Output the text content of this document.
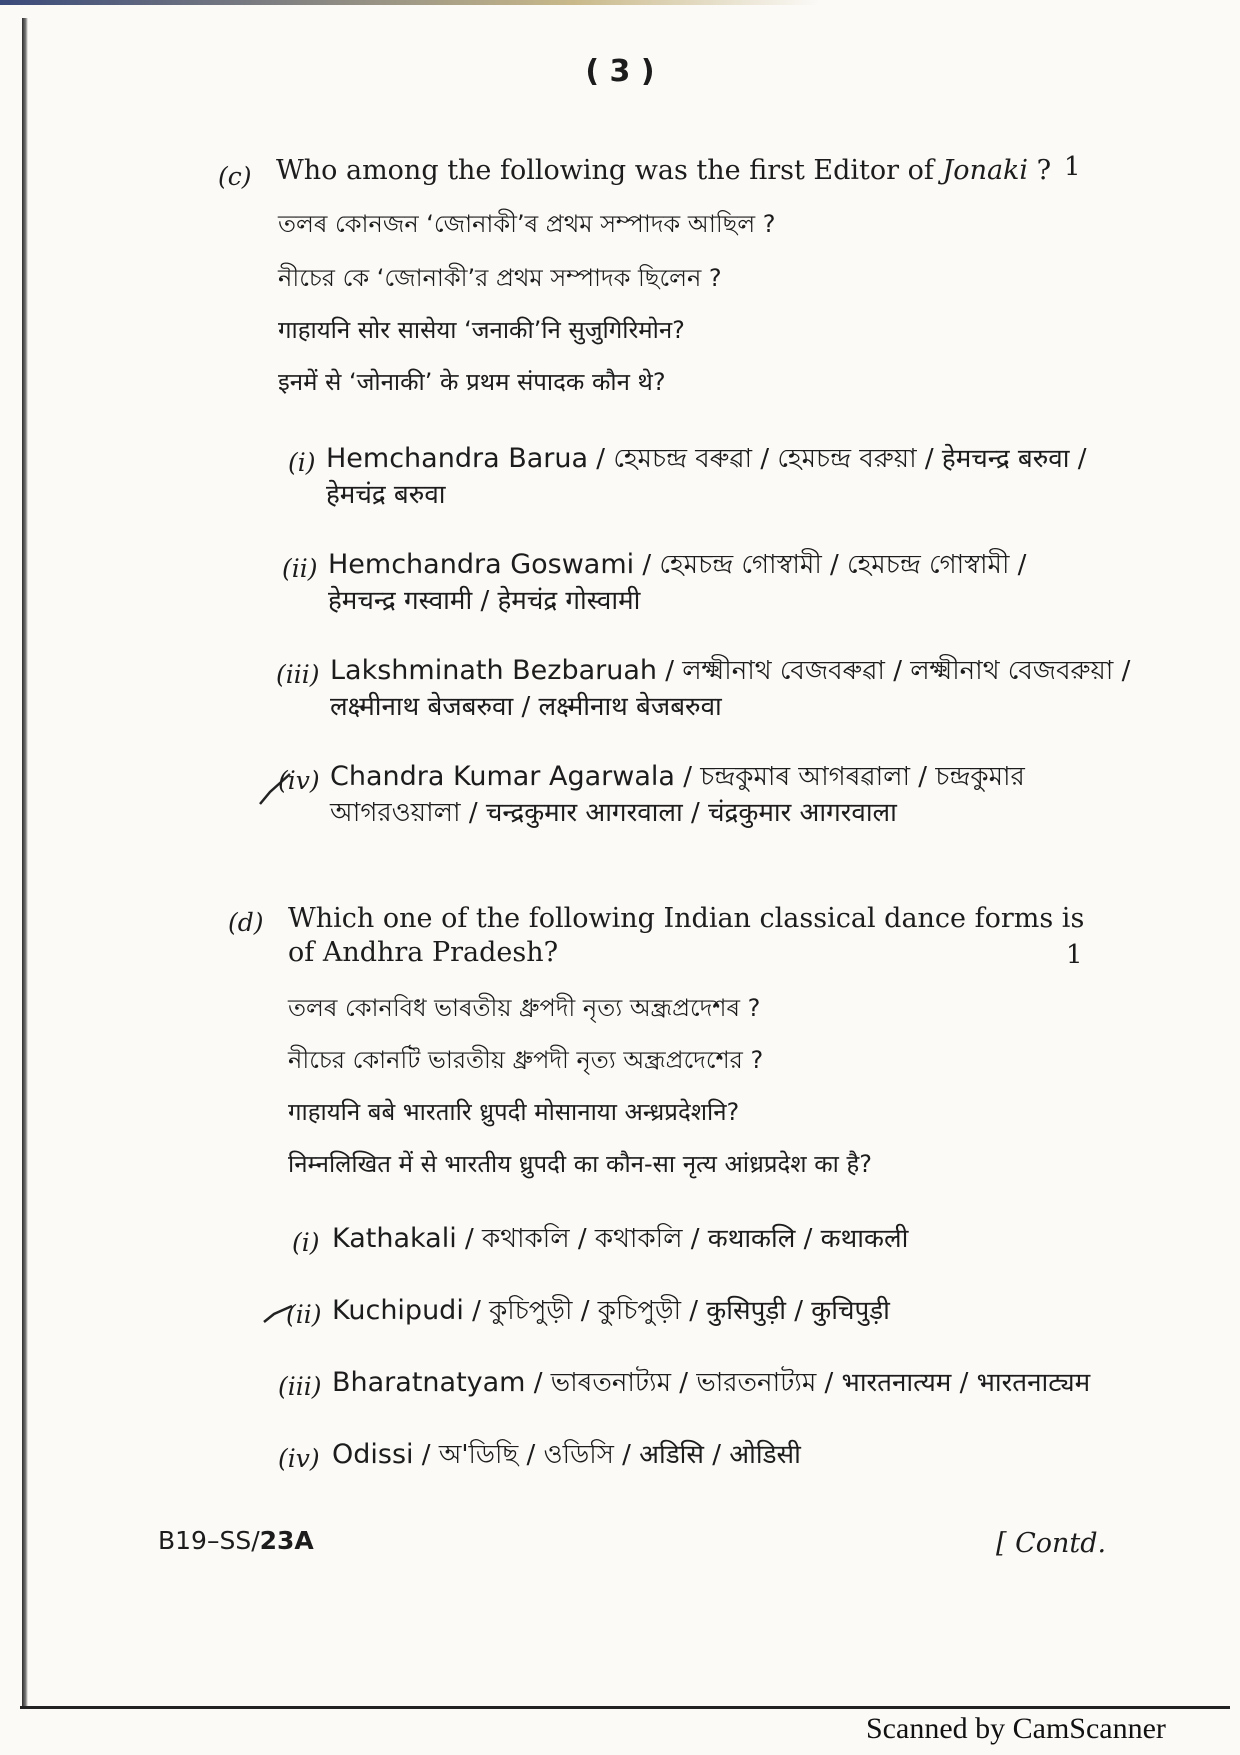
( 3 )
(c) Who among the following was the first Editor of Jonaki ? 1
তলৰ কোনজন ‘জোনাকী’ৰ প্ৰথম সম্পাদক আছিল ?
নীচের কে ‘জোনাকী’র প্রথম সম্পাদক ছিলেন ?
गाहायनि सोर सासेया ‘जनाकी’नि सुजुगिरिमोन?
इनमें से ‘जोनाकी’ के प्रथम संपादक कौन थे?
(i) Hemchandra Barua / হেমচন্দ্ৰ বৰুৱা / হেমচন্দ্র বরুয়া / हेमचन्द्र बरुवा /
हेमचंद्र बरुवा
(ii) Hemchandra Goswami / হেমচন্দ্ৰ গোস্বামী / হেমচন্দ্র গোস্বামী /
हेमचन्द्र गस्वामी / हेमचंद्र गोस्वामी
(iii) Lakshminath Bezbaruah / লক্ষ্মীনাথ বেজবৰুৱা / লক্ষ্মীনাথ বেজবরুয়া /
लक्ष्मीनाथ बेजबरुवा / लक्ष्मीनाथ बेजबरुवा
(iv) Chandra Kumar Agarwala / চন্দ্ৰকুমাৰ আগৰৱালা / চন্দ্রকুমার
আগরওয়ালা / चन्द्रकुमार आगरवाला / चंद्रकुमार आगरवाला
(d) Which one of the following Indian classical dance forms is
of Andhra Pradesh?	1
তলৰ কোনবিধ ভাৰতীয় ধ্ৰুপদী নৃত্য অন্ধ্ৰপ্ৰদেশৰ ?
নীচের কোনটি ভারতীয় ধ্রুপদী নৃত্য অন্ধ্রপ্রদেশের ?
गाहायनि बबे भारतारि ध्रुपदी मोसानाया अन्ध्रप्रदेशनि?
निम्नलिखित में से भारतीय ध्रुपदी का कौन-सा नृत्य आंध्रप्रदेश का है?
(i) Kathakali / কথাকলি / কথাকলি / कथाकलि / कथाकली
(ii) Kuchipudi / কুচিপুড়ী / কুচিপুড়ী / कुसिपुड़ी / कुचिपुड़ी
(iii) Bharatnatyam / ভাৰতনাট্যম / ভারতনাট্যম / भारतनात्यम / भारतनाट्यम
(iv) Odissi / অ'ডিছি / ওডিসি / अडिसि / ओडिसी
B19–SS/23A	[ Contd.
Scanned by CamScanner
